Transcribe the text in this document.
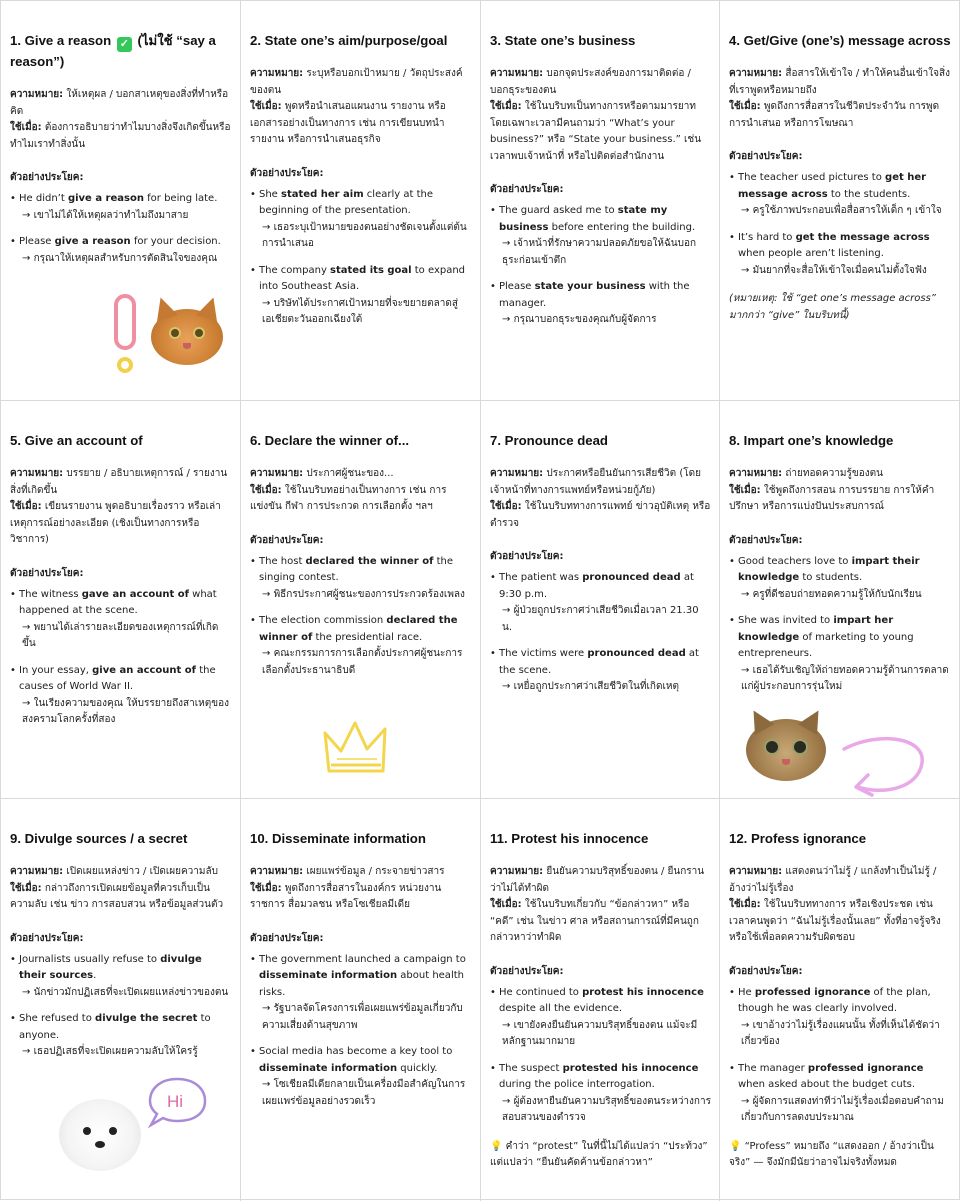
1. Give a reason ✓ (ไม่ใช้ “say a reason”)
ความหมาย: ให้เหตุผล / บอกสาเหตุของสิ่งที่ทำหรือคิด
ใช้เมื่อ: ต้องการอธิบายว่าทำไมบางสิ่งจึงเกิดขึ้นหรือทำไมเราทำสิ่งนั้น
ตัวอย่างประโยค:
• He didn’t give a reason for being late.
→ เขาไม่ได้ให้เหตุผลว่าทำไมถึงมาสาย
• Please give a reason for your decision.
→ กรุณาให้เหตุผลสำหรับการตัดสินใจของคุณ
2. State one’s aim/purpose/goal
ความหมาย: ระบุหรือบอกเป้าหมาย / วัตถุประสงค์ของตน
ใช้เมื่อ: พูดหรือนำเสนอแผนงาน รายงาน หรือเอกสารอย่างเป็นทางการ เช่น การเขียนบทนำรายงาน หรือการนำเสนอธุรกิจ
ตัวอย่างประโยค:
• She stated her aim clearly at the beginning of the presentation.
→ เธอระบุเป้าหมายของตนอย่างชัดเจนตั้งแต่ต้นการนำเสนอ
• The company stated its goal to expand into Southeast Asia.
→ บริษัทได้ประกาศเป้าหมายที่จะขยายตลาดสู่เอเชียตะวันออกเฉียงใต้
3. State one’s business
ความหมาย: บอกจุดประสงค์ของการมาติดต่อ / บอกธุระของตน
ใช้เมื่อ: ใช้ในบริบทเป็นทางการหรือตามมารยาท โดยเฉพาะเวลามีคนถามว่า “What’s your business?” หรือ “State your business.” เช่น เวลาพบเจ้าหน้าที่ หรือไปติดต่อสำนักงาน
ตัวอย่างประโยค:
• The guard asked me to state my business before entering the building.
→ เจ้าหน้าที่รักษาความปลอดภัยขอให้ฉันบอกธุระก่อนเข้าตึก
• Please state your business with the manager.
→ กรุณาบอกธุระของคุณกับผู้จัดการ
4. Get/Give (one’s) message across
ความหมาย: สื่อสารให้เข้าใจ / ทำให้คนอื่นเข้าใจสิ่งที่เราพูดหรือหมายถึง
ใช้เมื่อ: พูดถึงการสื่อสารในชีวิตประจำวัน การพูด การนำเสนอ หรือการโฆษณา
ตัวอย่างประโยค:
• The teacher used pictures to get her message across to the students.
→ ครูใช้ภาพประกอบเพื่อสื่อสารให้เด็ก ๆ เข้าใจ
• It’s hard to get the message across when people aren’t listening.
→ มันยากที่จะสื่อให้เข้าใจเมื่อคนไม่ตั้งใจฟัง
(หมายเหตุ: ใช้ “get one’s message across” มากกว่า “give” ในบริบทนี้)
5. Give an account of
ความหมาย: บรรยาย / อธิบายเหตุการณ์ / รายงานสิ่งที่เกิดขึ้น
ใช้เมื่อ: เขียนรายงาน พูดอธิบายเรื่องราว หรือเล่าเหตุการณ์อย่างละเอียด (เชิงเป็นทางการหรือวิชาการ)
ตัวอย่างประโยค:
• The witness gave an account of what happened at the scene.
→ พยานได้เล่ารายละเอียดของเหตุการณ์ที่เกิดขึ้น
• In your essay, give an account of the causes of World War II.
→ ในเรียงความของคุณ ให้บรรยายถึงสาเหตุของสงครามโลกครั้งที่สอง
6. Declare the winner of...
ความหมาย: ประกาศผู้ชนะของ...
ใช้เมื่อ: ใช้ในบริบทอย่างเป็นทางการ เช่น การแข่งขัน กีฬา การประกวด การเลือกตั้ง ฯลฯ
ตัวอย่างประโยค:
• The host declared the winner of the singing contest.
→ พิธีกรประกาศผู้ชนะของการประกวดร้องเพลง
• The election commission declared the winner of the presidential race.
→ คณะกรรมการการเลือกตั้งประกาศผู้ชนะการเลือกตั้งประธานาธิบดี
7. Pronounce dead
ความหมาย: ประกาศหรือยืนยันการเสียชีวิต (โดยเจ้าหน้าที่ทางการแพทย์หรือหน่วยกู้ภัย)
ใช้เมื่อ: ใช้ในบริบททางการแพทย์ ข่าวอุบัติเหตุ หรือตำรวจ
ตัวอย่างประโยค:
• The patient was pronounced dead at 9:30 p.m.
→ ผู้ป่วยถูกประกาศว่าเสียชีวิตเมื่อเวลา 21.30 น.
• The victims were pronounced dead at the scene.
→ เหยื่อถูกประกาศว่าเสียชีวิตในที่เกิดเหตุ
8. Impart one’s knowledge
ความหมาย: ถ่ายทอดความรู้ของตน
ใช้เมื่อ: ใช้พูดถึงการสอน การบรรยาย การให้คำปรึกษา หรือการแบ่งปันประสบการณ์
ตัวอย่างประโยค:
• Good teachers love to impart their knowledge to students.
→ ครูที่ดีชอบถ่ายทอดความรู้ให้กับนักเรียน
• She was invited to impart her knowledge of marketing to young entrepreneurs.
→ เธอได้รับเชิญให้ถ่ายทอดความรู้ด้านการตลาดแก่ผู้ประกอบการรุ่นใหม่
9. Divulge sources / a secret
ความหมาย: เปิดเผยแหล่งข่าว / เปิดเผยความลับ
ใช้เมื่อ: กล่าวถึงการเปิดเผยข้อมูลที่ควรเก็บเป็นความลับ เช่น ข่าว การสอบสวน หรือข้อมูลส่วนตัว
ตัวอย่างประโยค:
• Journalists usually refuse to divulge their sources.
→ นักข่าวมักปฏิเสธที่จะเปิดเผยแหล่งข่าวของตน
• She refused to divulge the secret to anyone.
→ เธอปฏิเสธที่จะเปิดเผยความลับให้ใครรู้
Hi
10. Disseminate information
ความหมาย: เผยแพร่ข้อมูล / กระจายข่าวสาร
ใช้เมื่อ: พูดถึงการสื่อสารในองค์กร หน่วยงานราชการ สื่อมวลชน หรือโซเชียลมีเดีย
ตัวอย่างประโยค:
• The government launched a campaign to disseminate information about health risks.
→ รัฐบาลจัดโครงการเพื่อเผยแพร่ข้อมูลเกี่ยวกับความเสี่ยงด้านสุขภาพ
• Social media has become a key tool to disseminate information quickly.
→ โซเชียลมีเดียกลายเป็นเครื่องมือสำคัญในการเผยแพร่ข้อมูลอย่างรวดเร็ว
11. Protest his innocence
ความหมาย: ยืนยันความบริสุทธิ์ของตน / ยืนกรานว่าไม่ได้ทำผิด
ใช้เมื่อ: ใช้ในบริบทเกี่ยวกับ “ข้อกล่าวหา” หรือ “คดี” เช่น ในข่าว ศาล หรือสถานการณ์ที่มีคนถูกกล่าวหาว่าทำผิด
ตัวอย่างประโยค:
• He continued to protest his innocence despite all the evidence.
→ เขายังคงยืนยันความบริสุทธิ์ของตน แม้จะมีหลักฐานมากมาย
• The suspect protested his innocence during the police interrogation.
→ ผู้ต้องหายืนยันความบริสุทธิ์ของตนระหว่างการสอบสวนของตำรวจ
💡 คำว่า “protest” ในที่นี้ไม่ได้แปลว่า “ประท้วง” แต่แปลว่า “ยืนยันคัดค้านข้อกล่าวหา”
12. Profess ignorance
ความหมาย: แสดงตนว่าไม่รู้ / แกล้งทำเป็นไม่รู้ / อ้างว่าไม่รู้เรื่อง
ใช้เมื่อ: ใช้ในบริบททางการ หรือเชิงประชด เช่น เวลาคนพูดว่า “ฉันไม่รู้เรื่องนั้นเลย” ทั้งที่อาจรู้จริง หรือใช้เพื่อลดความรับผิดชอบ
ตัวอย่างประโยค:
• He professed ignorance of the plan, though he was clearly involved.
→ เขาอ้างว่าไม่รู้เรื่องแผนนั้น ทั้งที่เห็นได้ชัดว่าเกี่ยวข้อง
• The manager professed ignorance when asked about the budget cuts.
→ ผู้จัดการแสดงท่าทีว่าไม่รู้เรื่องเมื่อตอบคำถามเกี่ยวกับการลดงบประมาณ
💡 “Profess” หมายถึง “แสดงออก / อ้างว่าเป็นจริง” — จึงมักมีนัยว่าอาจไม่จริงทั้งหมด
